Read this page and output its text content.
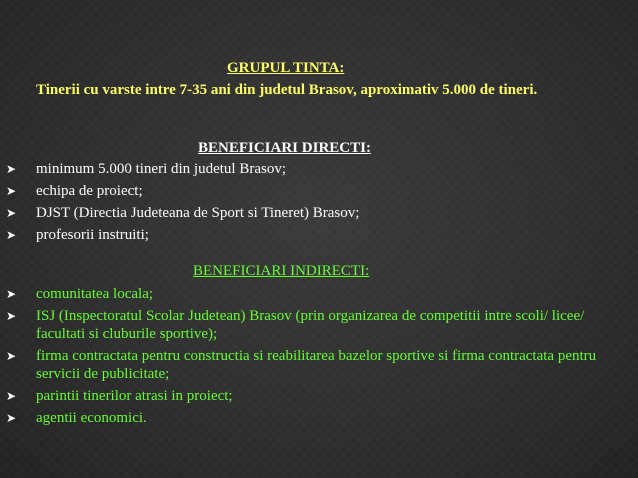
GRUPUL TINTA:
Tinerii cu varste intre 7-35 ani din judetul Brasov, aproximativ 5.000 de tineri.
BENEFICIARI DIRECTI:
➤ minimum 5.000 tineri din judetul Brasov;
➤ echipa de proiect;
➤ DJST (Directia Judeteana de Sport si Tineret) Brasov;
➤ profesorii instruiti;
BENEFICIARI INDIRECTI:
➤ comunitatea locala;
➤ ISJ (Inspectoratul Scolar Judetean) Brasov (prin organizarea de competitii intre scoli/ licee/ facultati si cluburile sportive);
➤ firma contractata pentru constructia si reabilitarea bazelor sportive si firma contractata pentru servicii de publicitate;
➤ parintii tinerilor atrasi in proiect;
➤ agentii economici.
